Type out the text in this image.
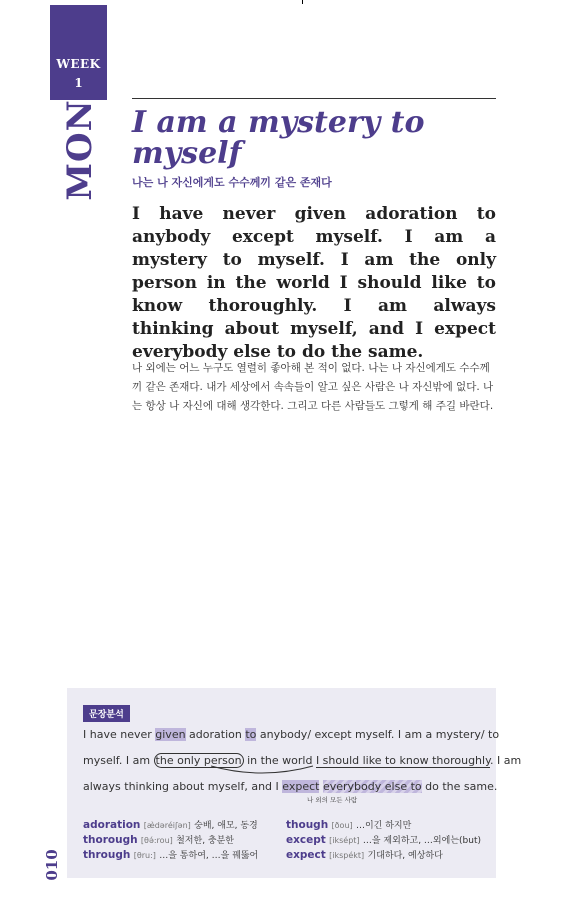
WEEK
1
MON I am a mystery to myself
나는 나 자신에게도 수수께끼 같은 존재다

I have never given adoration to anybody except myself. I am a mystery to myself. I am the only person in the world I should like to know thoroughly. I am always thinking about myself, and I expect everybody else to do the same.

나 외에는 어느 누구도 열렬히 좋아해 본 적이 없다. 나는 나 자신에게도 수수께끼 같은 존재다. 내가 세상에서 속속들이 알고 싶은 사람은 나 자신밖에 없다. 나는 항상 나 자신에 대해 생각한다. 그리고 다른 사람들도 그렇게 해 주길 바란다.

문장분석
I have never given adoration to anybody/ except myself. I am a mystery/ to
myself. I am the only person in the world I should like to know thoroughly. I am
always thinking about myself, and I expect everybody else to do the same.
나 외의 모든 사람
adoration [ӕ̀dəréiʃən] 숭배, 애모, 동경
thorough [θə́:rou] 철저한, 충분한
through [θru:] …을 통하여, …을 꿰뚫어
though [ðou] …이긴 하지만
except [iksépt] …을 제외하고, …외에는(but)
expect [ikspékt] 기대하다, 예상하다
010
